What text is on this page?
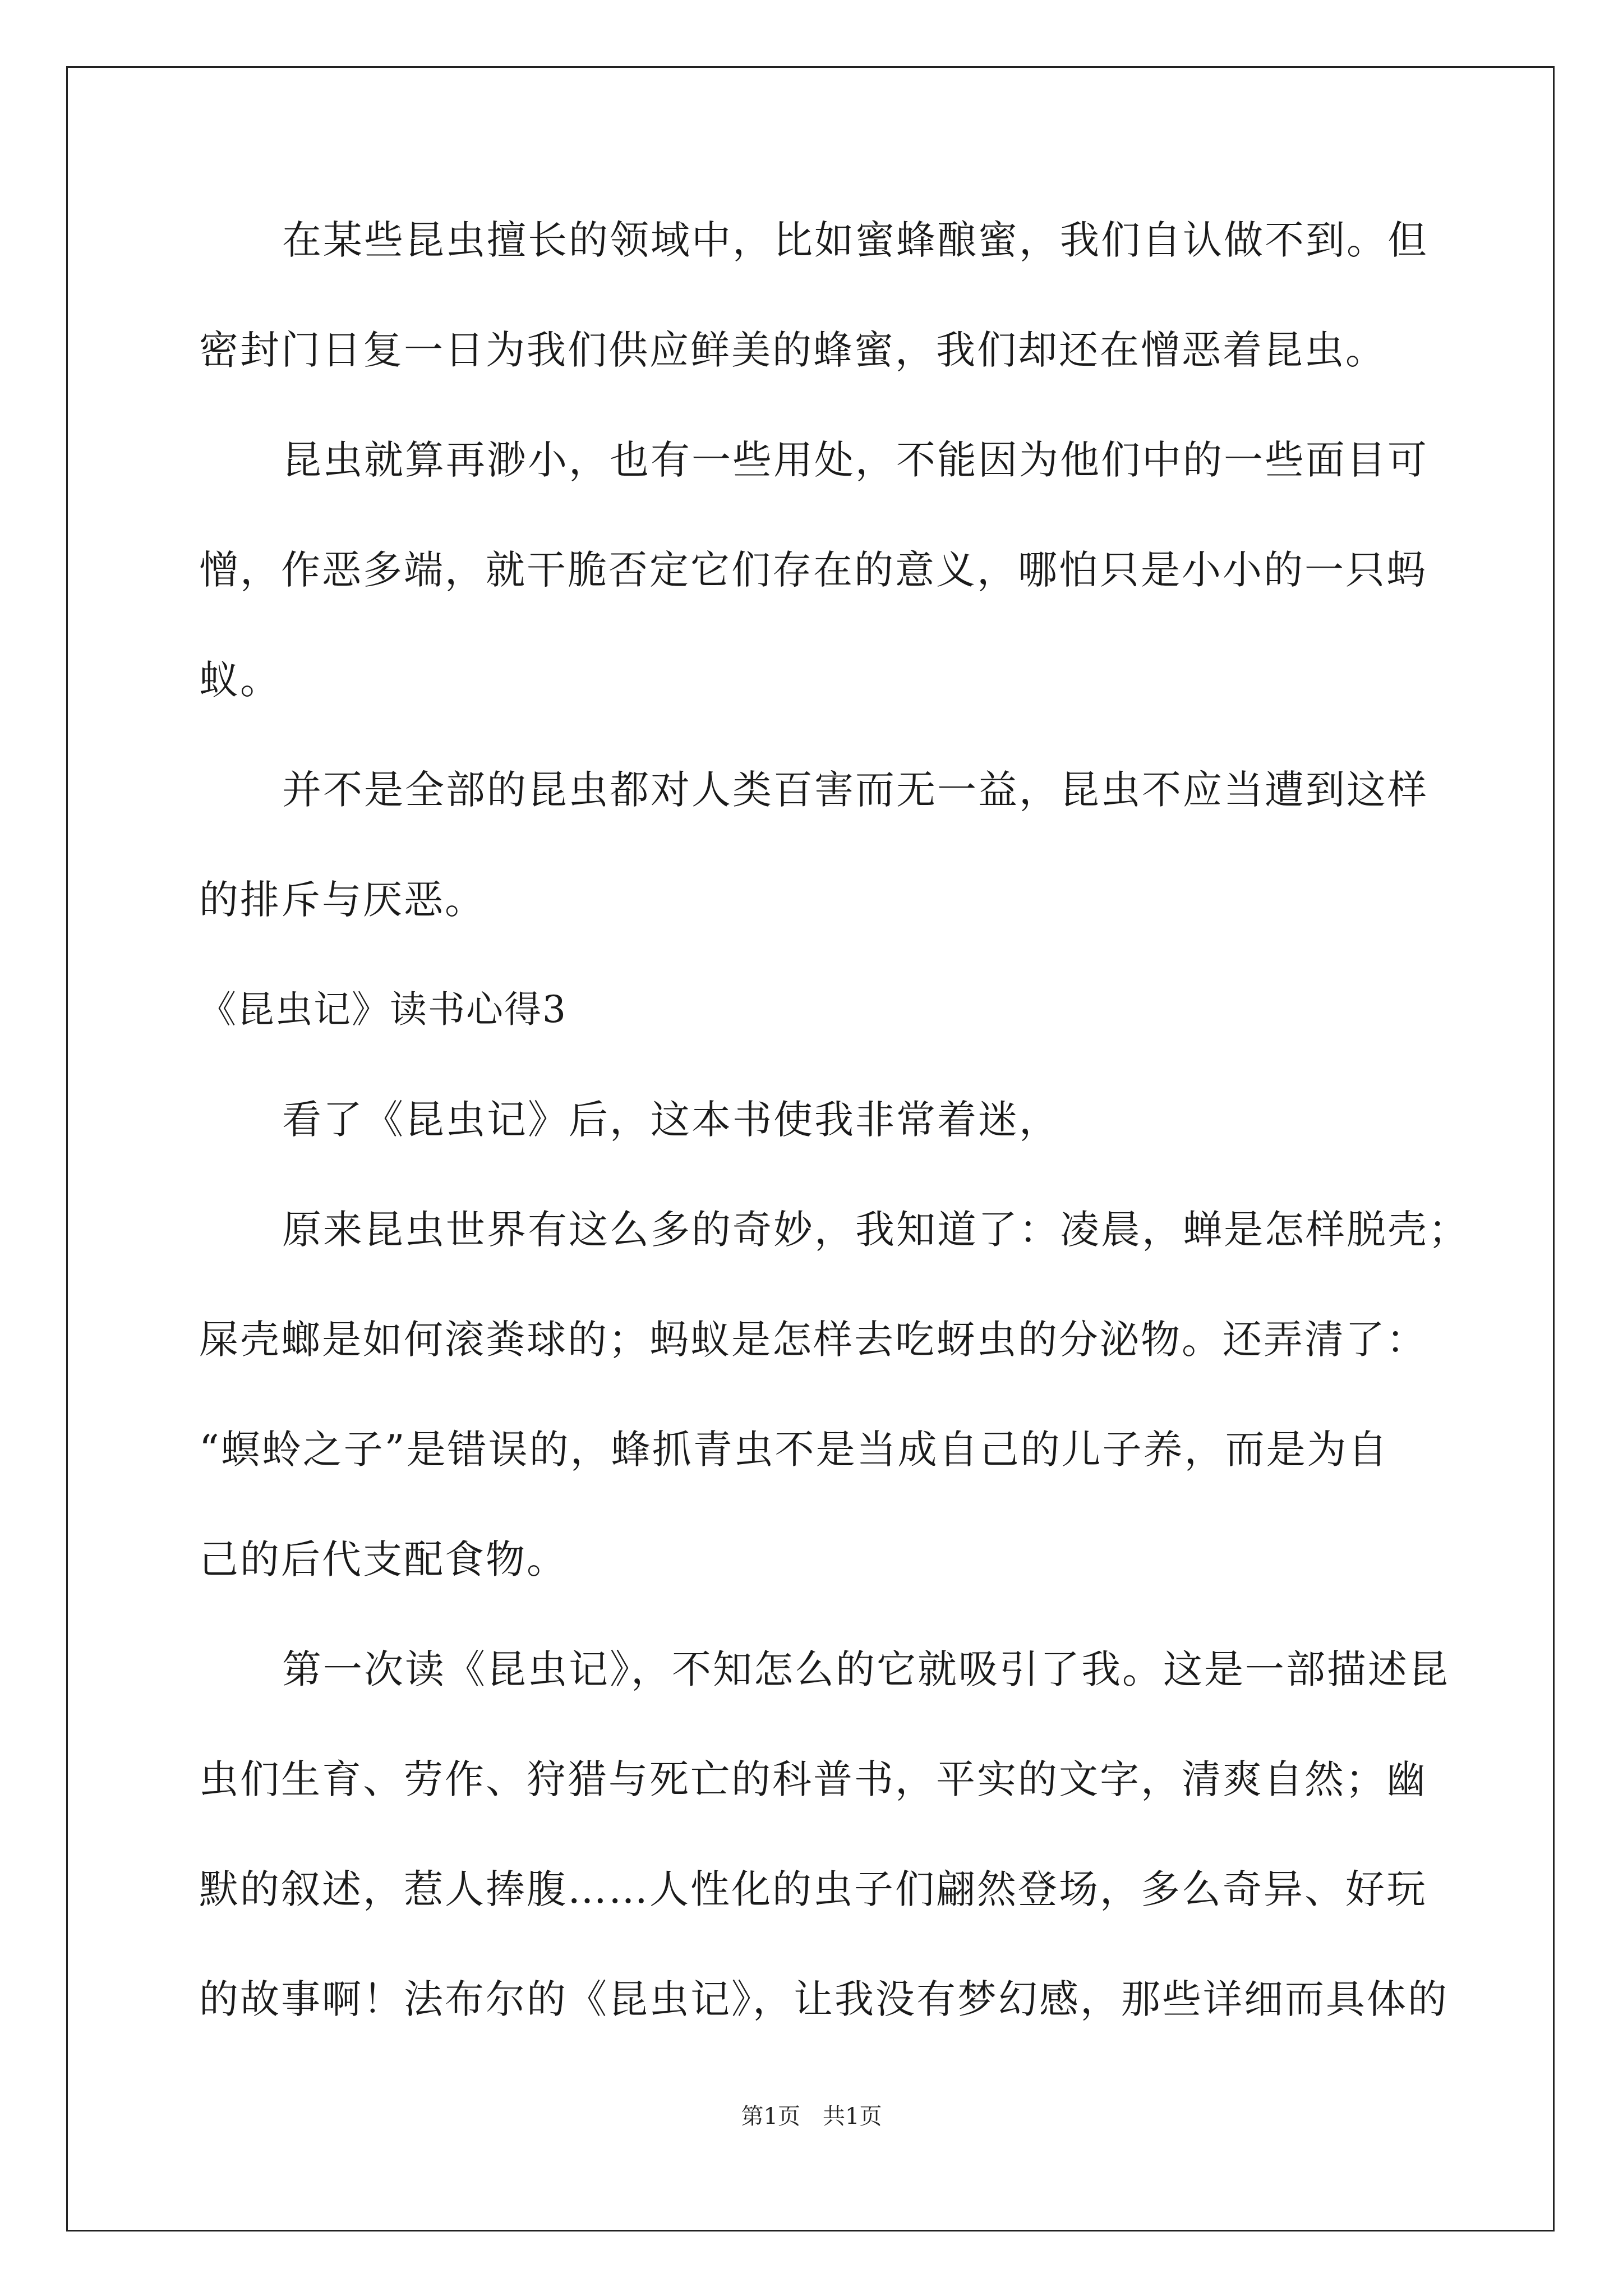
在某些昆虫擅长的领域中，比如蜜蜂酿蜜，我们自认做不到。但
密封门日复一日为我们供应鲜美的蜂蜜，我们却还在憎恶着昆虫。
昆虫就算再渺小，也有一些用处，不能因为他们中的一些面目可
憎，作恶多端，就干脆否定它们存在的意义，哪怕只是小小的一只蚂
蚁。
并不是全部的昆虫都对人类百害而无一益，昆虫不应当遭到这样
的排斥与厌恶。
《昆虫记》读书心得3
看了《昆虫记》后，这本书使我非常着迷，
原来昆虫世界有这么多的奇妙，我知道了：凌晨，蝉是怎样脱壳；
屎壳螂是如何滚粪球的；蚂蚁是怎样去吃蚜虫的分泌物。还弄清了：
“螟蛉之子”是错误的，蜂抓青虫不是当成自己的儿子养，而是为自
己的后代支配食物。
第一次读《昆虫记》，不知怎么的它就吸引了我。这是一部描述昆
虫们生育、劳作、狩猎与死亡的科普书，平实的文字，清爽自然；幽
默的叙述，惹人捧腹……人性化的虫子们翩然登场，多么奇异、好玩
的故事啊！法布尔的《昆虫记》，让我没有梦幻感，那些详细而具体的
第1页　共1页
